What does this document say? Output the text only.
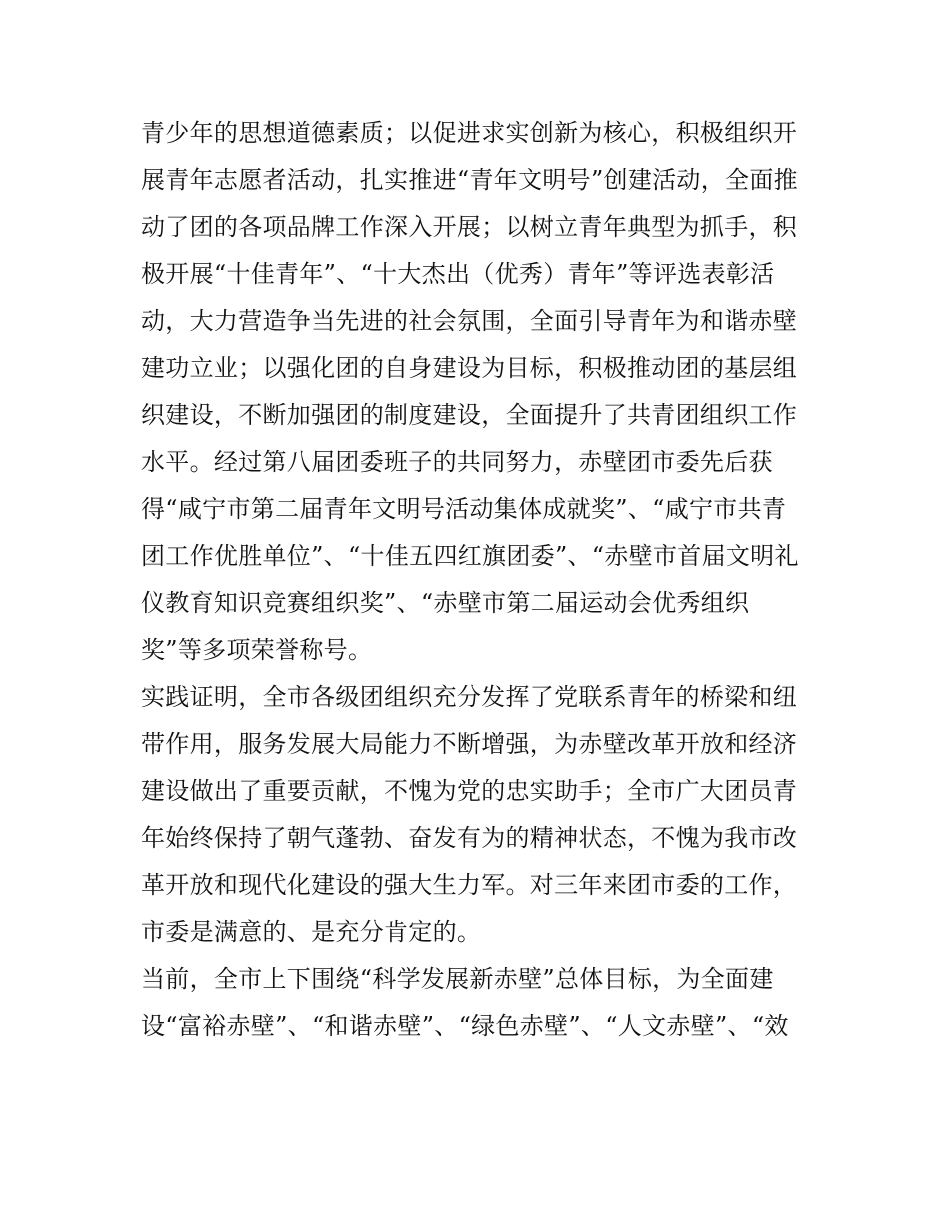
青少年的思想道德素质；以促进求实创新为核心，积极组织开
展青年志愿者活动，扎实推进“青年文明号”创建活动，全面推
动了团的各项品牌工作深入开展；以树立青年典型为抓手，积
极开展“十佳青年”、“十大杰出（优秀）青年”等评选表彰活
动，大力营造争当先进的社会氛围，全面引导青年为和谐赤壁
建功立业；以强化团的自身建设为目标，积极推动团的基层组
织建设，不断加强团的制度建设，全面提升了共青团组织工作
水平。经过第八届团委班子的共同努力，赤壁团市委先后获
得“咸宁市第二届青年文明号活动集体成就奖”、“咸宁市共青
团工作优胜单位”、“十佳五四红旗团委”、“赤壁市首届文明礼
仪教育知识竞赛组织奖”、“赤壁市第二届运动会优秀组织
奖”等多项荣誉称号。
实践证明，全市各级团组织充分发挥了党联系青年的桥梁和纽
带作用，服务发展大局能力不断增强，为赤壁改革开放和经济
建设做出了重要贡献，不愧为党的忠实助手；全市广大团员青
年始终保持了朝气蓬勃、奋发有为的精神状态，不愧为我市改
革开放和现代化建设的强大生力军。对三年来团市委的工作，
市委是满意的、是充分肯定的。
当前，全市上下围绕“科学发展新赤壁”总体目标，为全面建
设“富裕赤壁”、“和谐赤壁”、“绿色赤壁”、“人文赤壁”、“效
